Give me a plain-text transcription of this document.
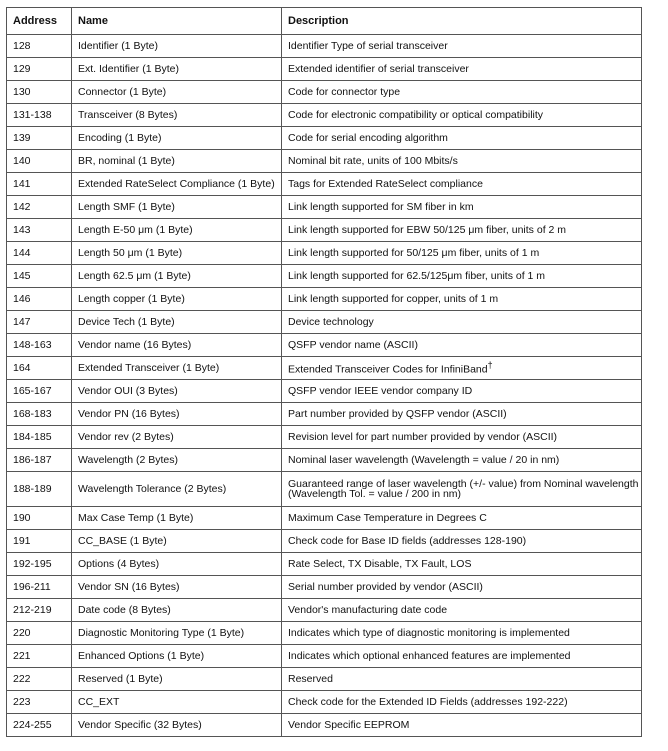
Address	Name	Description
128	Identifier (1 Byte)	Identifier Type of serial transceiver
129	Ext. Identifier (1 Byte)	Extended identifier of serial transceiver
130	Connector (1 Byte)	Code for connector type
131-138	Transceiver (8 Bytes)	Code for electronic compatibility or optical compatibility
139	Encoding (1 Byte)	Code for serial encoding algorithm
140	BR, nominal (1 Byte)	Nominal bit rate, units of 100 Mbits/s
141	Extended RateSelect Compliance (1 Byte)	Tags for Extended RateSelect compliance
142	Length SMF (1 Byte)	Link length supported for SM fiber in km
143	Length E-50 μm (1 Byte)	Link length supported for EBW 50/125 μm fiber, units of 2 m
144	Length 50 μm (1 Byte)	Link length supported for 50/125 μm fiber, units of 1 m
145	Length 62.5 μm (1 Byte)	Link length supported for 62.5/125μm fiber, units of 1 m
146	Length copper (1 Byte)	Link length supported for copper, units of 1 m
147	Device Tech (1 Byte)	Device technology
148-163	Vendor name (16 Bytes)	QSFP vendor name (ASCII)
164	Extended Transceiver (1 Byte)	Extended Transceiver Codes for InfiniBand†
165-167	Vendor OUI (3 Bytes)	QSFP vendor IEEE vendor company ID
168-183	Vendor PN (16 Bytes)	Part number provided by QSFP vendor (ASCII)
184-185	Vendor rev (2 Bytes)	Revision level for part number provided by vendor (ASCII)
186-187	Wavelength (2 Bytes)	Nominal laser wavelength (Wavelength = value / 20 in nm)
188-189	Wavelength Tolerance (2 Bytes)	Guaranteed range of laser wavelength (+/- value) from Nominal wavelength (Wavelength Tol. = value / 200 in nm)
190	Max Case Temp (1 Byte)	Maximum Case Temperature in Degrees C
191	CC_BASE (1 Byte)	Check code for Base ID fields (addresses 128-190)
192-195	Options (4 Bytes)	Rate Select, TX Disable, TX Fault, LOS
196-211	Vendor SN (16 Bytes)	Serial number provided by vendor (ASCII)
212-219	Date code (8 Bytes)	Vendor's manufacturing date code
220	Diagnostic Monitoring Type (1 Byte)	Indicates which type of diagnostic monitoring is implemented
221	Enhanced Options (1 Byte)	Indicates which optional enhanced features are implemented
222	Reserved (1 Byte)	Reserved
223	CC_EXT	Check code for the Extended ID Fields (addresses 192-222)
224-255	Vendor Specific (32 Bytes)	Vendor Specific EEPROM
